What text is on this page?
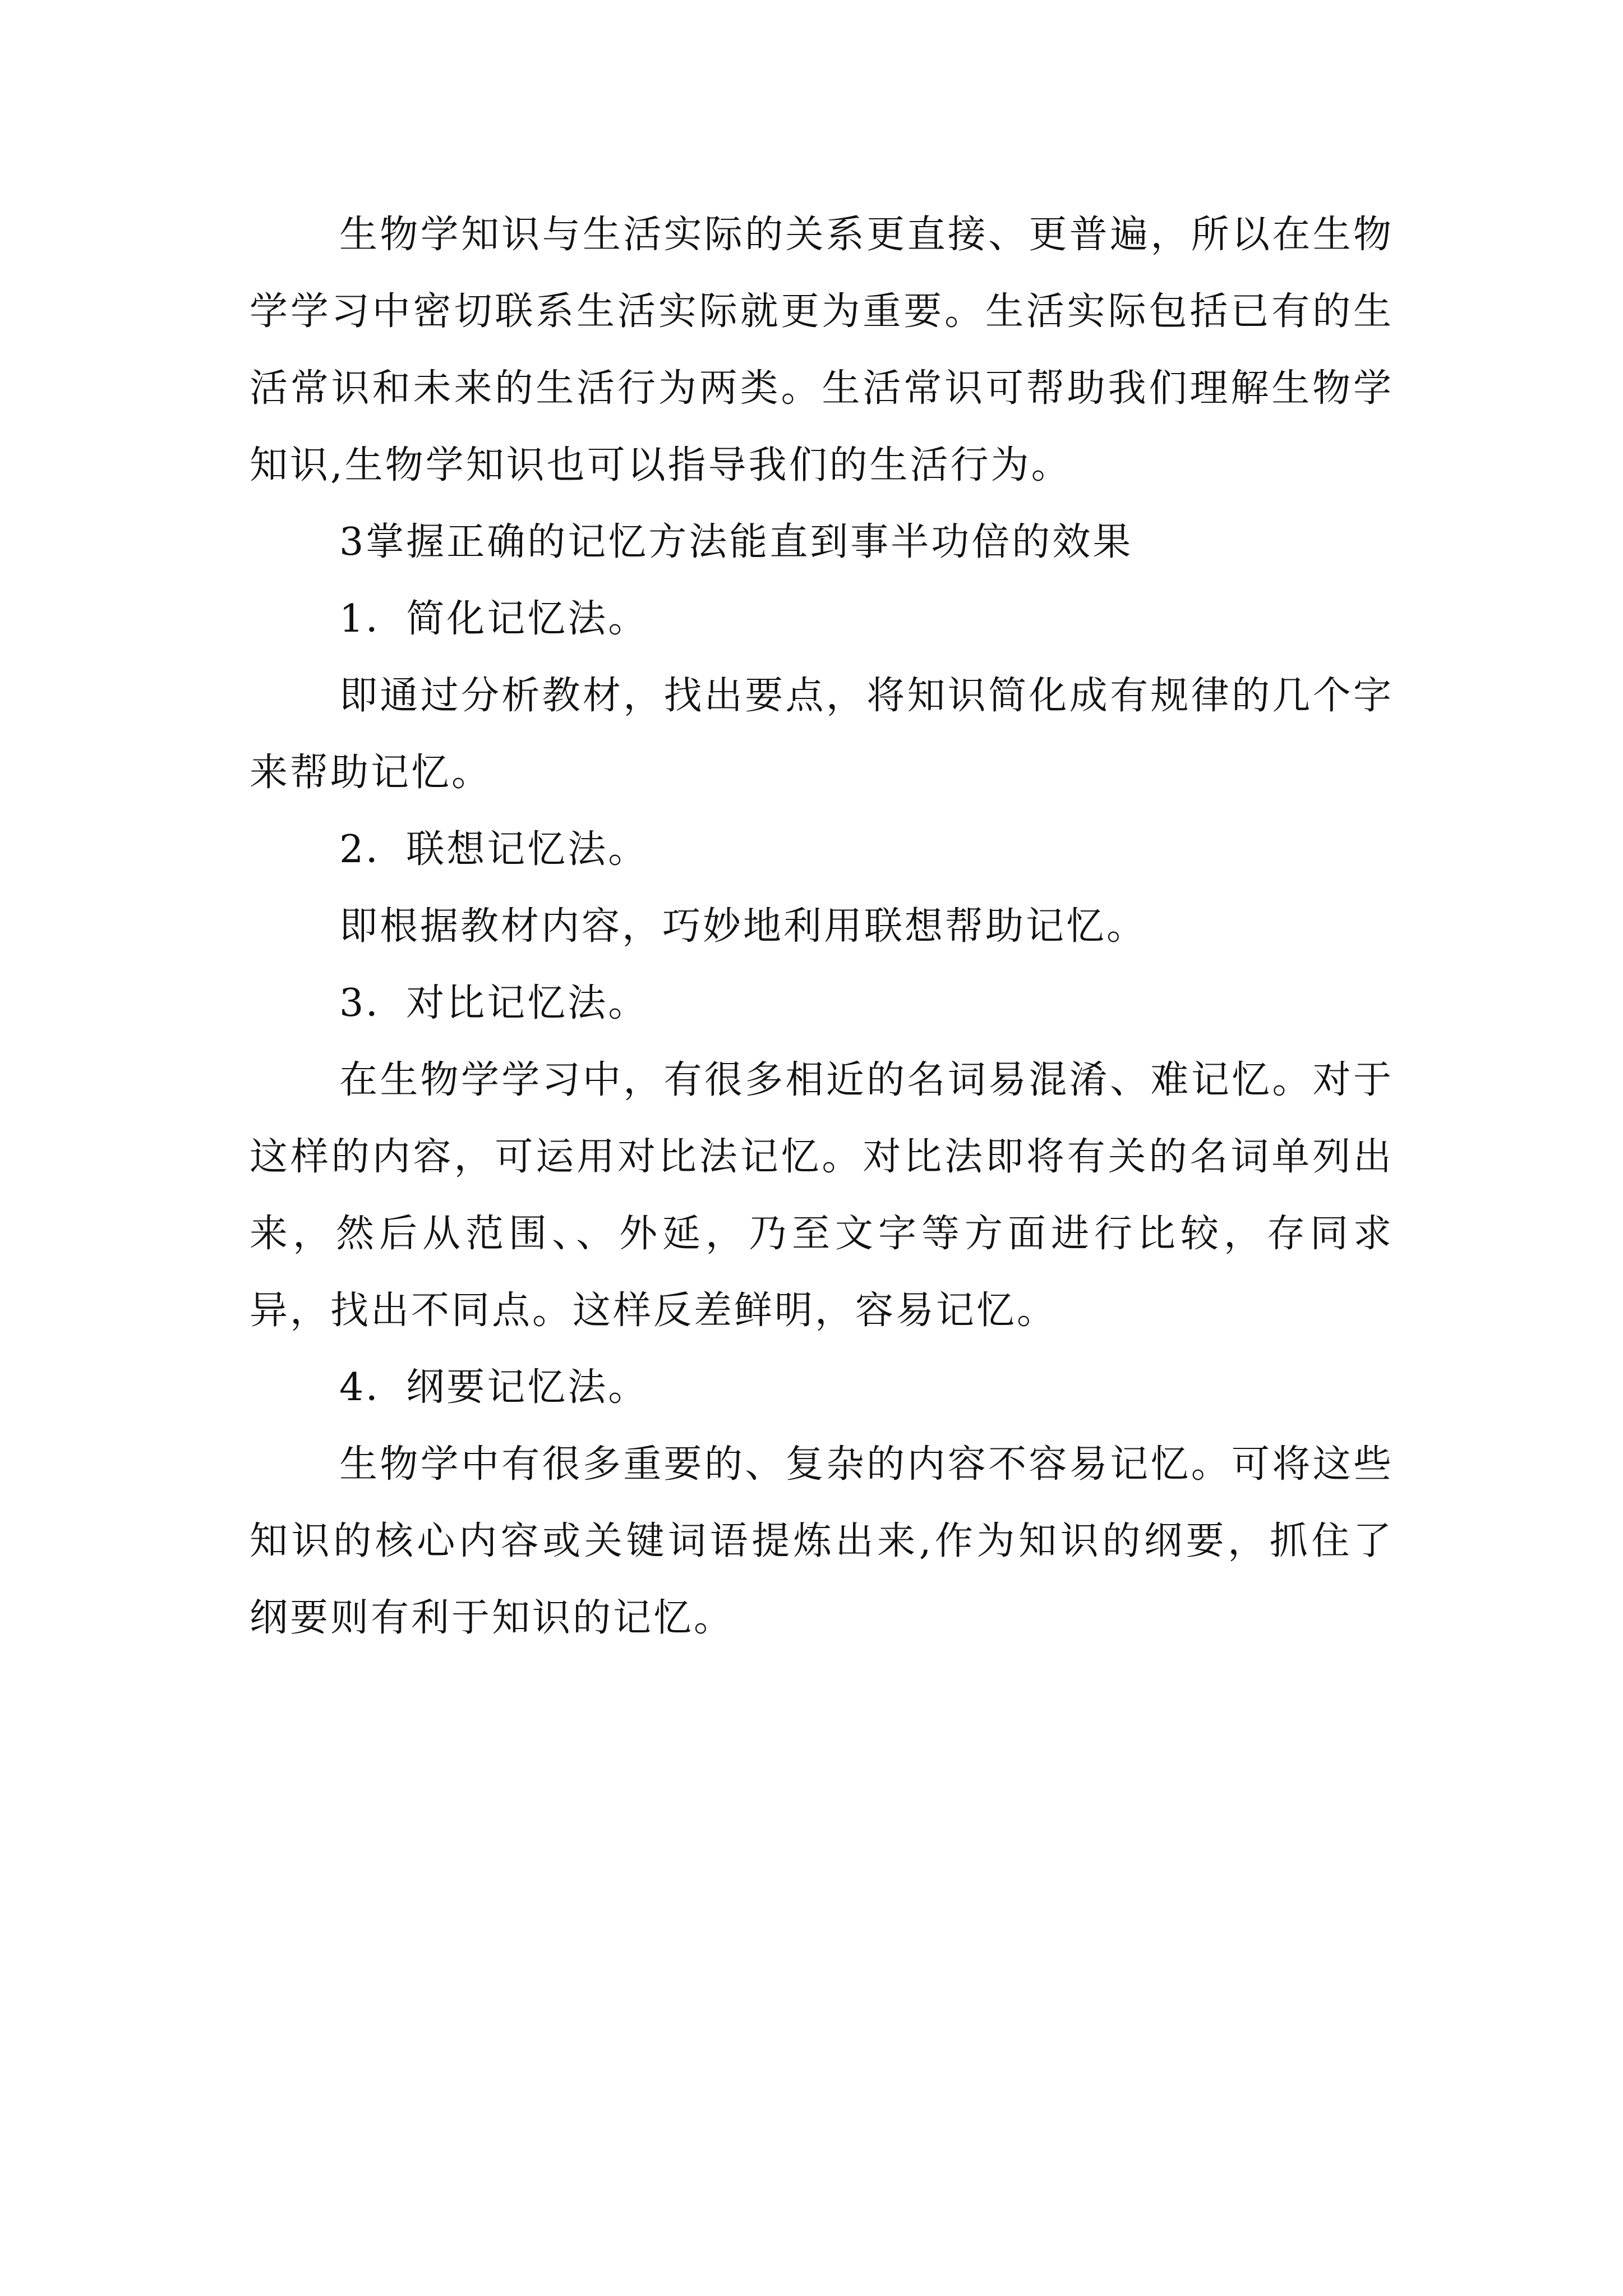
生物学知识与生活实际的关系更直接、更普遍，所以在生物学学习中密切联系生活实际就更为重要。生活实际包括已有的生活常识和未来的生活行为两类。生活常识可帮助我们理解生物学知识,生物学知识也可以指导我们的生活行为。

3掌握正确的记忆方法能直到事半功倍的效果

1．简化记忆法。

即通过分析教材，找出要点，将知识简化成有规律的几个字来帮助记忆。

2．联想记忆法。

即根据教材内容，巧妙地利用联想帮助记忆。

3．对比记忆法。

在生物学学习中，有很多相近的名词易混淆、难记忆。对于这样的内容，可运用对比法记忆。对比法即将有关的名词单列出来，然后从范围、、外延，乃至文字等方面进行比较，存同求异，找出不同点。这样反差鲜明，容易记忆。

4．纲要记忆法。

生物学中有很多重要的、复杂的内容不容易记忆。可将这些知识的核心内容或关键词语提炼出来,作为知识的纲要，抓住了纲要则有利于知识的记忆。
